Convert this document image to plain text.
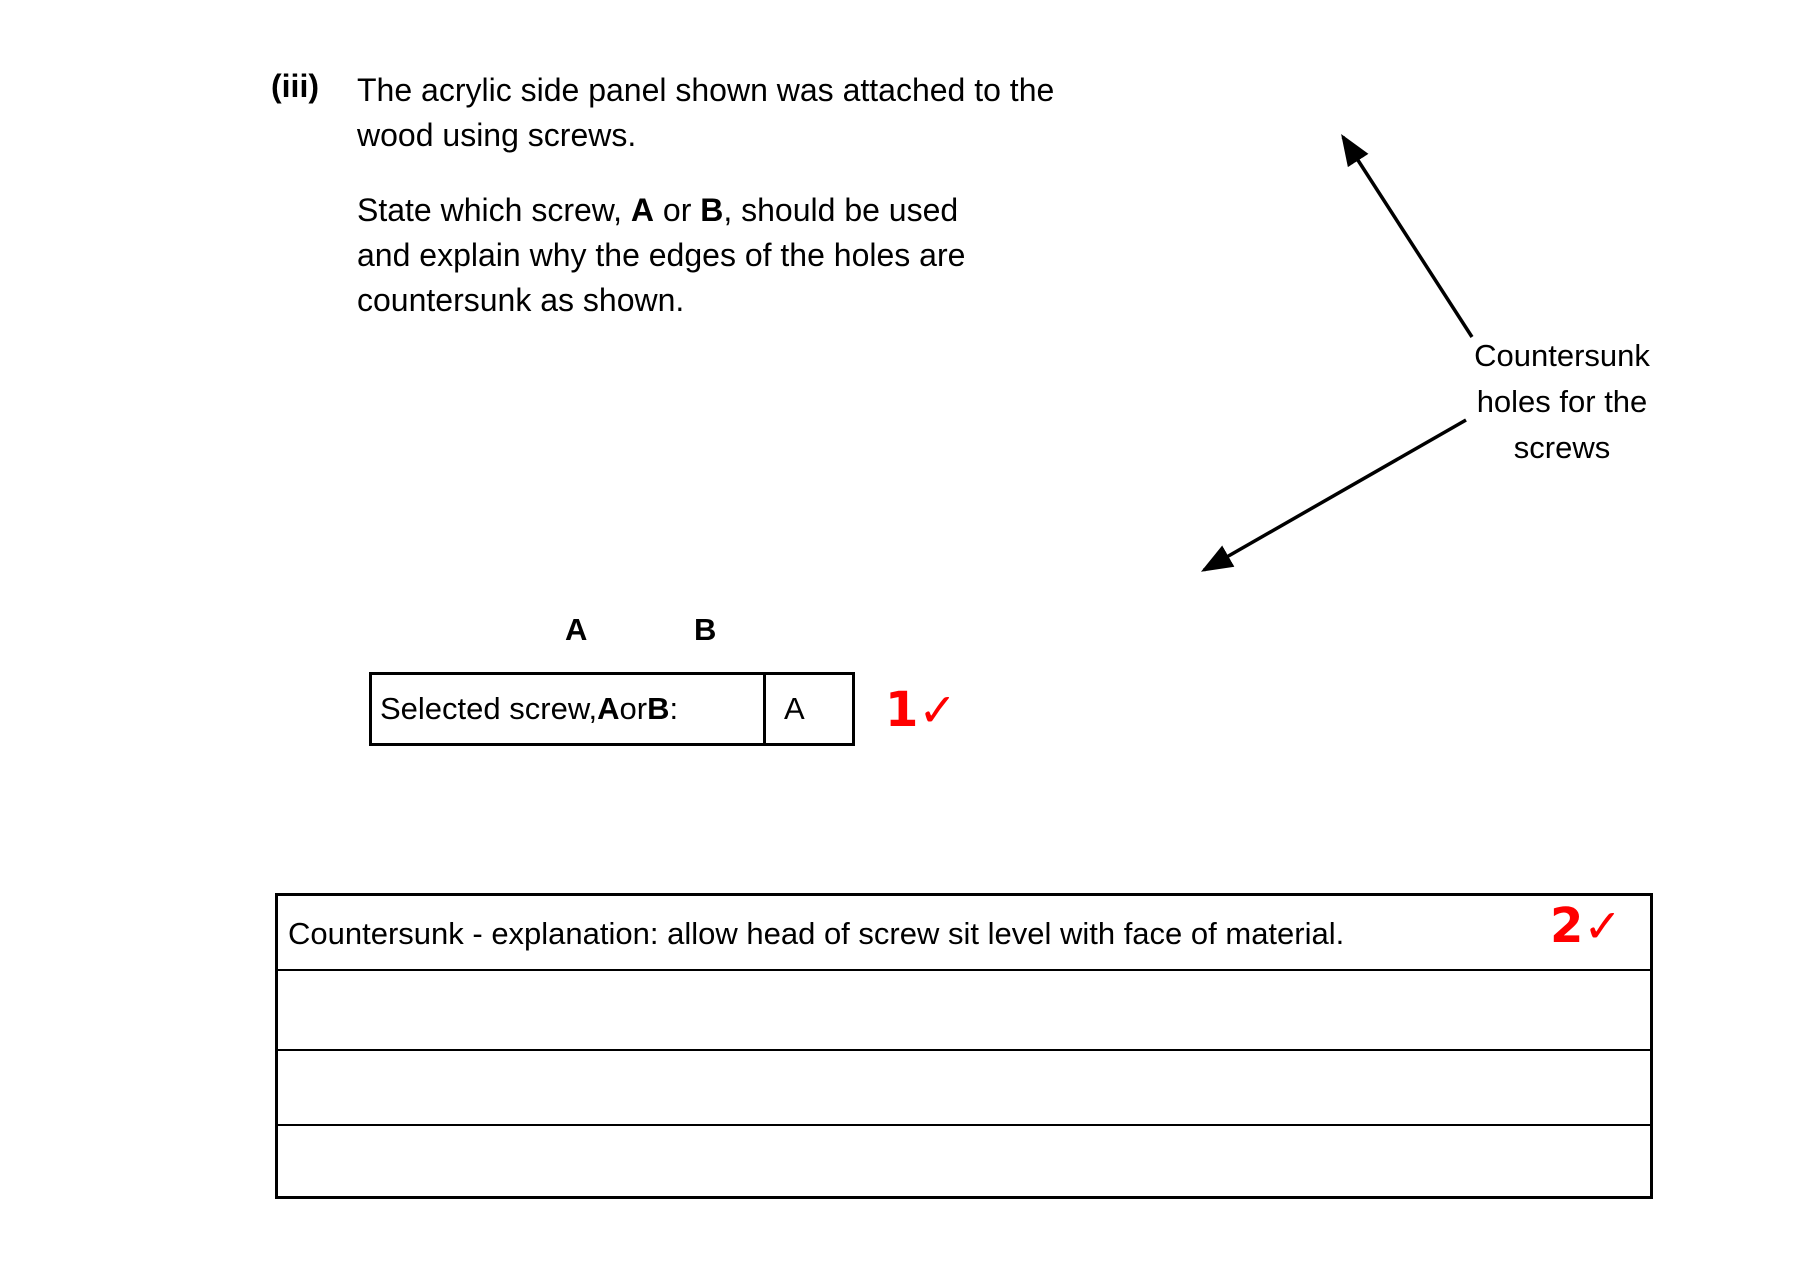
(iii) The acrylic side panel shown was attached to the
wood using screws.
State which screw, A or B, should be used
and explain why the edges of the holes are
countersunk as shown.
Countersunk
holes for the
screws
A	B
Selected screw, A or B :	A	1✓
Countersunk - explanation: allow head of screw sit level with face of material.	2✓
